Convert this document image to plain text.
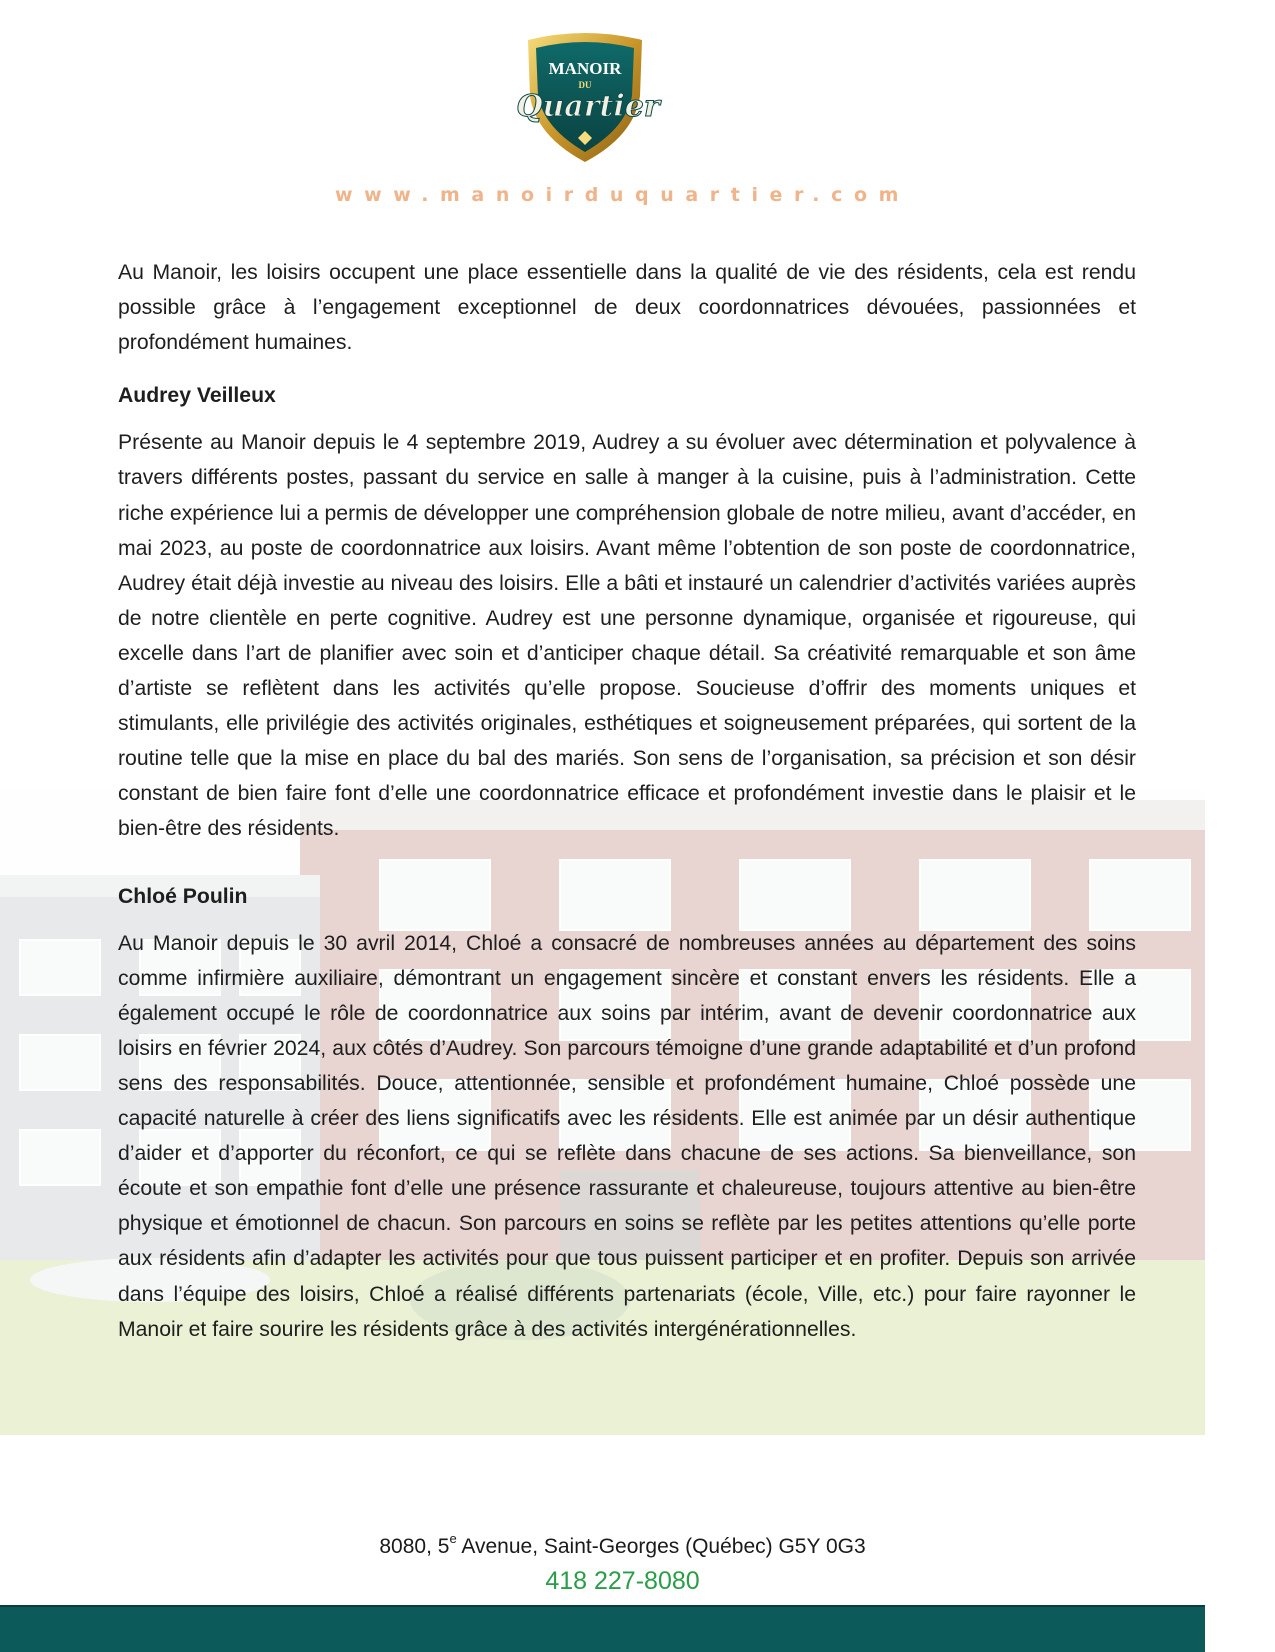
MANOIR
DU
Quartier
www.manoirduquartier.com

Au Manoir, les loisirs occupent une place essentielle dans la qualité de vie des résidents, cela est rendu possible grâce à l’engagement exceptionnel de deux coordonnatrices dévouées, passionnées et profondément humaines.

Audrey Veilleux

Présente au Manoir depuis le 4 septembre 2019, Audrey a su évoluer avec détermination et polyvalence à travers différents postes, passant du service en salle à manger à la cuisine, puis à l’administration. Cette riche expérience lui a permis de développer une compréhension globale de notre milieu, avant d’accéder, en mai 2023, au poste de coordonnatrice aux loisirs. Avant même l’obtention de son poste de coordonnatrice, Audrey était déjà investie au niveau des loisirs. Elle a bâti et instauré un calendrier d’activités variées auprès de notre clientèle en perte cognitive. Audrey est une personne dynamique, organisée et rigoureuse, qui excelle dans l’art de planifier avec soin et d’anticiper chaque détail. Sa créativité remarquable et son âme d’artiste se reflètent dans les activités qu’elle propose. Soucieuse d’offrir des moments uniques et stimulants, elle privilégie des activités originales, esthétiques et soigneusement préparées, qui sortent de la routine telle que la mise en place du bal des mariés. Son sens de l’organisation, sa précision et son désir constant de bien faire font d’elle une coordonnatrice efficace et profondément investie dans le plaisir et le bien-être des résidents.

Chloé Poulin

Au Manoir depuis le 30 avril 2014, Chloé a consacré de nombreuses années au département des soins comme infirmière auxiliaire, démontrant un engagement sincère et constant envers les résidents. Elle a également occupé le rôle de coordonnatrice aux soins par intérim, avant de devenir coordonnatrice aux loisirs en février 2024, aux côtés d’Audrey. Son parcours témoigne d’une grande adaptabilité et d’un profond sens des responsabilités. Douce, attentionnée, sensible et profondément humaine, Chloé possède une capacité naturelle à créer des liens significatifs avec les résidents. Elle est animée par un désir authentique d’aider et d’apporter du réconfort, ce qui se reflète dans chacune de ses actions. Sa bienveillance, son écoute et son empathie font d’elle une présence rassurante et chaleureuse, toujours attentive au bien-être physique et émotionnel de chacun. Son parcours en soins se reflète par les petites attentions qu’elle porte aux résidents afin d’adapter les activités pour que tous puissent participer et en profiter. Depuis son arrivée dans l’équipe des loisirs, Chloé a réalisé différents partenariats (école, Ville, etc.) pour faire rayonner le Manoir et faire sourire les résidents grâce à des activités intergénérationnelles.

8080, 5e Avenue, Saint-Georges (Québec) G5Y 0G3
418 227-8080
